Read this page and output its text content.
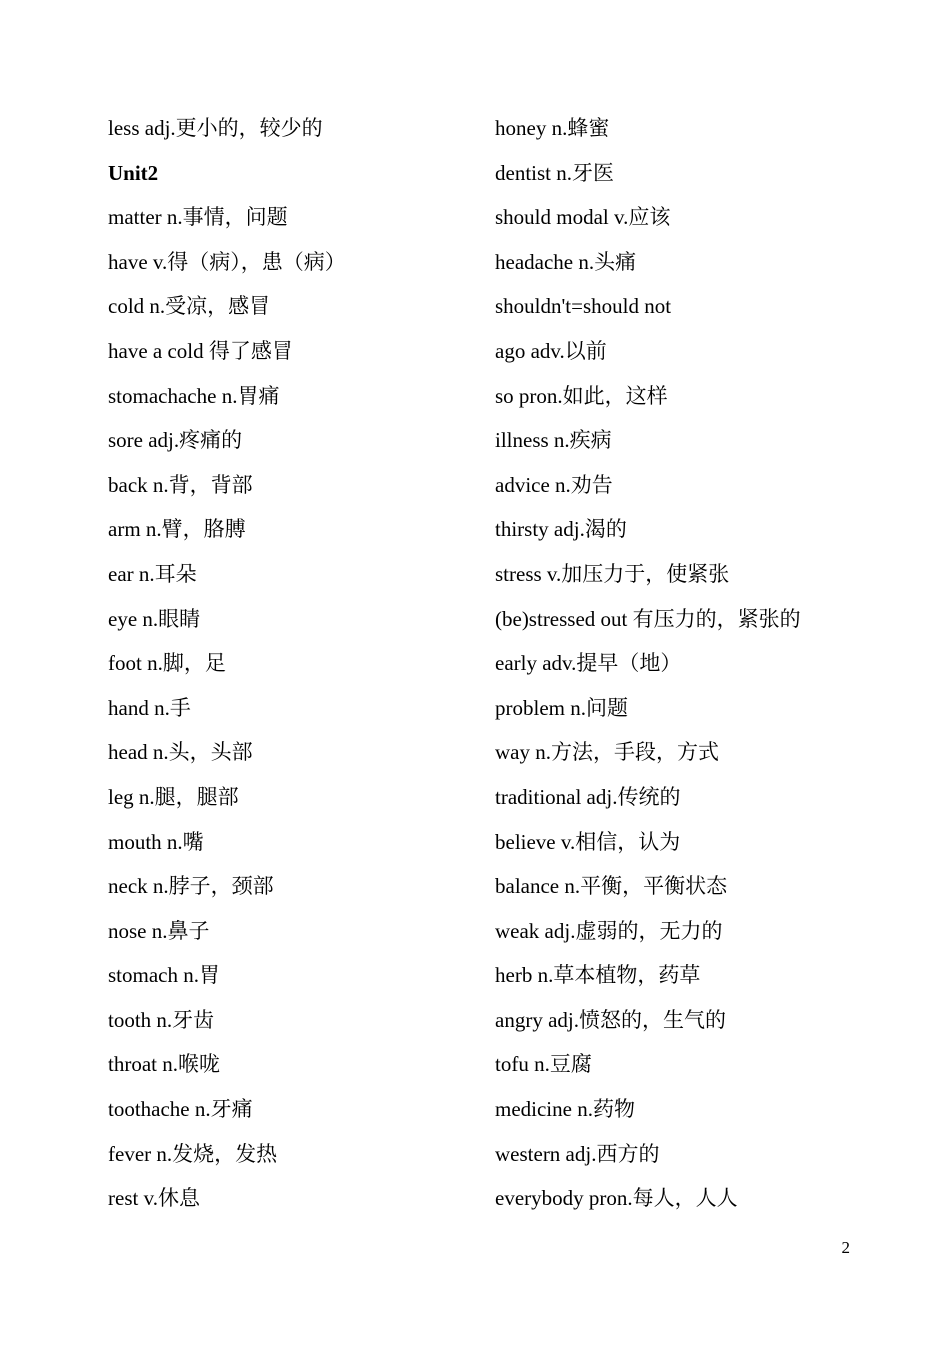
less adj.更小的，较少的
Unit2
matter n.事情，问题
have v.得（病），患（病）
cold n.受凉，感冒
have a cold 得了感冒
stomachache n.胃痛
sore adj.疼痛的
back n.背，背部
arm n.臂，胳膊
ear n.耳朵
eye n.眼睛
foot n.脚，足
hand n.手
head n.头，头部
leg n.腿，腿部
mouth n.嘴
neck n.脖子，颈部
nose n.鼻子
stomach n.胃
tooth n.牙齿
throat n.喉咙
toothache n.牙痛
fever n.发烧，发热
rest v.休息
honey n.蜂蜜
dentist n.牙医
should modal v.应该
headache n.头痛
shouldn't=should not
ago adv.以前
so pron.如此，这样
illness n.疾病
advice n.劝告
thirsty adj.渴的
stress v.加压力于，使紧张
(be)stressed out 有压力的，紧张的
early adv.提早（地）
problem n.问题
way n.方法，手段，方式
traditional adj.传统的
believe v.相信，认为
balance n.平衡，平衡状态
weak adj.虚弱的，无力的
herb n.草本植物，药草
angry adj.愤怒的，生气的
tofu n.豆腐
medicine n.药物
western adj.西方的
everybody pron.每人，人人
2
